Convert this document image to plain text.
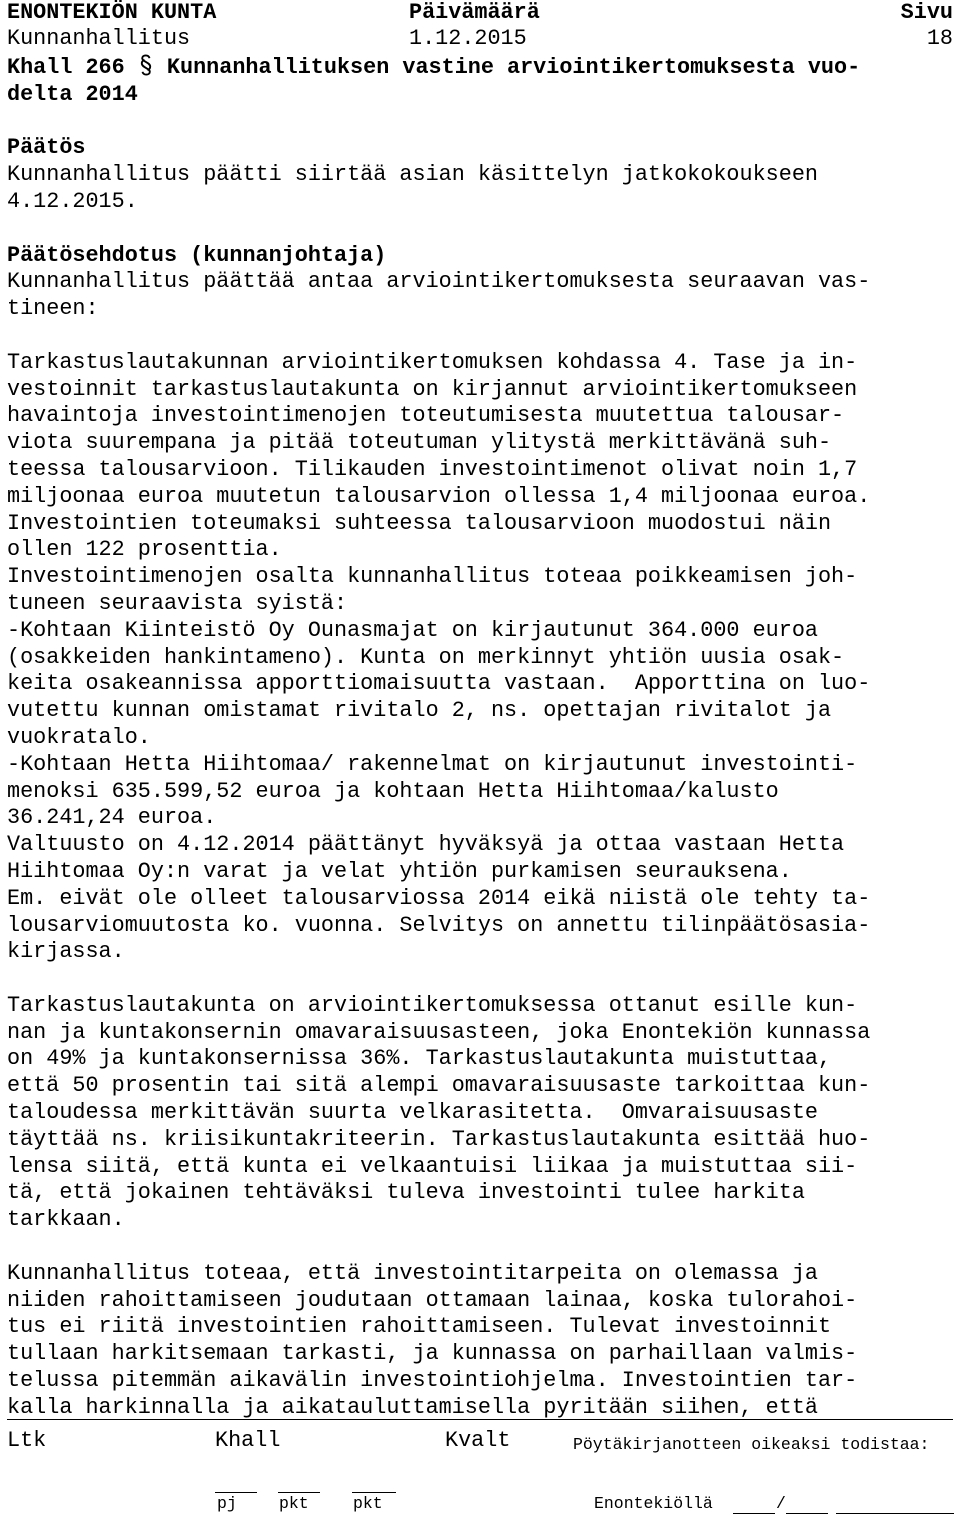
ENONTEKIÖN KUNTA	Päivämäärä	Sivu
Kunnanhallitus	1.12.2015	18
Khall 266 Kunnanhallituksen vastine arviointikertomuksesta vuo-
delta 2014
Päätös
Kunnanhallitus päätti siirtää asian käsittelyn jatkokokoukseen
4.12.2015.
Päätösehdotus (kunnanjohtaja)
Kunnanhallitus päättää antaa arviointikertomuksesta seuraavan vas-
tineen:
Tarkastuslautakunnan arviointikertomuksen kohdassa 4. Tase ja in-
vestoinnit tarkastuslautakunta on kirjannut arviointikertomukseen
havaintoja investointimenojen toteutumisesta muutettua talousar-
viota suurempana ja pitää toteutuman ylitystä merkittävänä suh-
teessa talousarvioon. Tilikauden investointimenot olivat noin 1,7
miljoonaa euroa muutetun talousarvion ollessa 1,4 miljoonaa euroa.
Investointien toteumaksi suhteessa talousarvioon muodostui näin
ollen 122 prosenttia.
Investointimenojen osalta kunnanhallitus toteaa poikkeamisen joh-
tuneen seuraavista syistä:
-Kohtaan Kiinteistö Oy Ounasmajat on kirjautunut 364.000 euroa
(osakkeiden hankintameno). Kunta on merkinnyt yhtiön uusia osak-
keita osakeannissa apporttiomaisuutta vastaan.  Apporttina on luo-
vutettu kunnan omistamat rivitalo 2, ns. opettajan rivitalot ja
vuokratalo.
-Kohtaan Hetta Hiihtomaa/ rakennelmat on kirjautunut investointi-
menoksi 635.599,52 euroa ja kohtaan Hetta Hiihtomaa/kalusto
36.241,24 euroa.
Valtuusto on 4.12.2014 päättänyt hyväksyä ja ottaa vastaan Hetta
Hiihtomaa Oy:n varat ja velat yhtiön purkamisen seurauksena.
Em. eivät ole olleet talousarviossa 2014 eikä niistä ole tehty ta-
lousarviomuutosta ko. vuonna. Selvitys on annettu tilinpäätösasia-
kirjassa.
Tarkastuslautakunta on arviointikertomuksessa ottanut esille kun-
nan ja kuntakonsernin omavaraisuusasteen, joka Enontekiön kunnassa
on 49% ja kuntakonsernissa 36%. Tarkastuslautakunta muistuttaa,
että 50 prosentin tai sitä alempi omavaraisuusaste tarkoittaa kun-
taloudessa merkittävän suurta velkarasitetta.  Omvaraisuusaste
täyttää ns. kriisikuntakriteerin. Tarkastuslautakunta esittää huo-
lensa siitä, että kunta ei velkaantuisi liikaa ja muistuttaa sii-
tä, että jokainen tehtäväksi tuleva investointi tulee harkita
tarkkaan.
Kunnanhallitus toteaa, että investointitarpeita on olemassa ja
niiden rahoittamiseen joudutaan ottamaan lainaa, koska tulorahoi-
tus ei riitä investointien rahoittamiseen. Tulevat investoinnit
tullaan harkitsemaan tarkasti, ja kunnassa on parhaillaan valmis-
telussa pitemmän aikavälin investointiohjelma. Investointien tar-
kalla harkinnalla ja aikatauluttamisella pyritään siihen, että
Ltk	Khall	Kvalt	Pöytäkirjanotteen oikeaksi todistaa:
pj	pkt	pkt	Enontekiöllä	/
